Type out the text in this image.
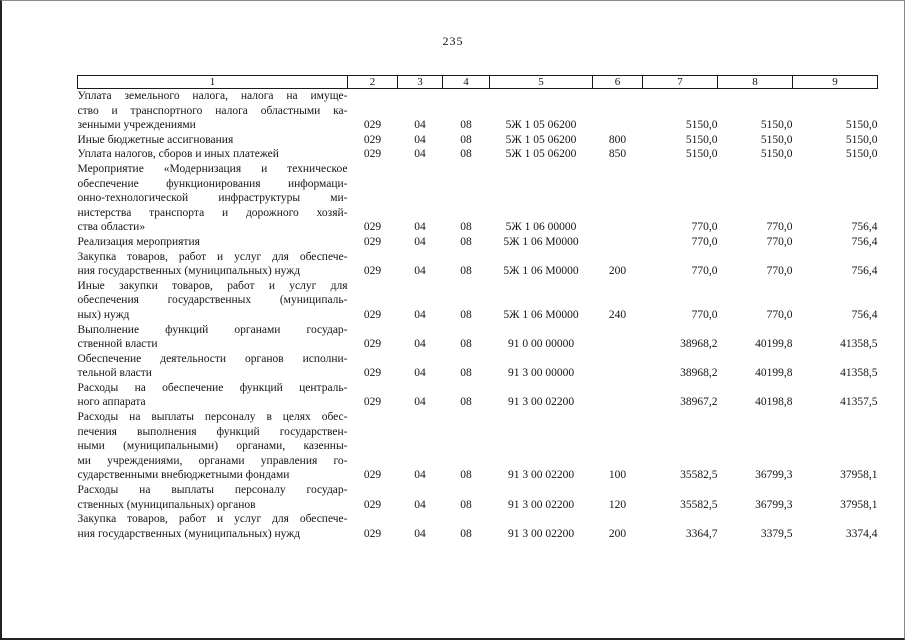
235
1	2	3	4	5	6	7	8	9

Уплата земельного налога, налога на имуще-
ство и транспортного налога областными ка-
зенными учреждениями	029	04	08	5Ж 1 05 06200		5150,0	5150,0	5150,0

Иные бюджетные ассигнования	029	04	08	5Ж 1 05 06200	800	5150,0	5150,0	5150,0

Уплата налогов, сборов и иных платежей	029	04	08	5Ж 1 05 06200	850	5150,0	5150,0	5150,0

Мероприятие «Модернизация и техническое
обеспечение функционирования информаци-
онно-технологической инфраструктуры ми-
нистерства транспорта и дорожного хозяй-
ства области»	029	04	08	5Ж 1 06 00000		770,0	770,0	756,4

Реализация мероприятия	029	04	08	5Ж 1 06 М0000		770,0	770,0	756,4

Закупка товаров, работ и услуг для обеспече-
ния государственных (муниципальных) нужд	029	04	08	5Ж 1 06 М0000	200	770,0	770,0	756,4

Иные закупки товаров, работ и услуг для
обеспечения государственных (муниципаль-
ных) нужд	029	04	08	5Ж 1 06 М0000	240	770,0	770,0	756,4

Выполнение функций органами государ-
ственной власти	029	04	08	91 0 00 00000		38968,2	40199,8	41358,5

Обеспечение деятельности органов исполни-
тельной власти	029	04	08	91 3 00 00000		38968,2	40199,8	41358,5

Расходы на обеспечение функций централь-
ного аппарата	029	04	08	91 3 00 02200		38967,2	40198,8	41357,5

Расходы на выплаты персоналу в целях обес-
печения выполнения функций государствен-
ными (муниципальными) органами, казенны-
ми учреждениями, органами управления го-
сударственными внебюджетными фондами	029	04	08	91 3 00 02200	100	35582,5	36799,3	37958,1

Расходы на выплаты персоналу государ-
ственных (муниципальных) органов	029	04	08	91 3 00 02200	120	35582,5	36799,3	37958,1

Закупка товаров, работ и услуг для обеспече-
ния государственных (муниципальных) нужд	029	04	08	91 3 00 02200	200	3364,7	3379,5	3374,4
